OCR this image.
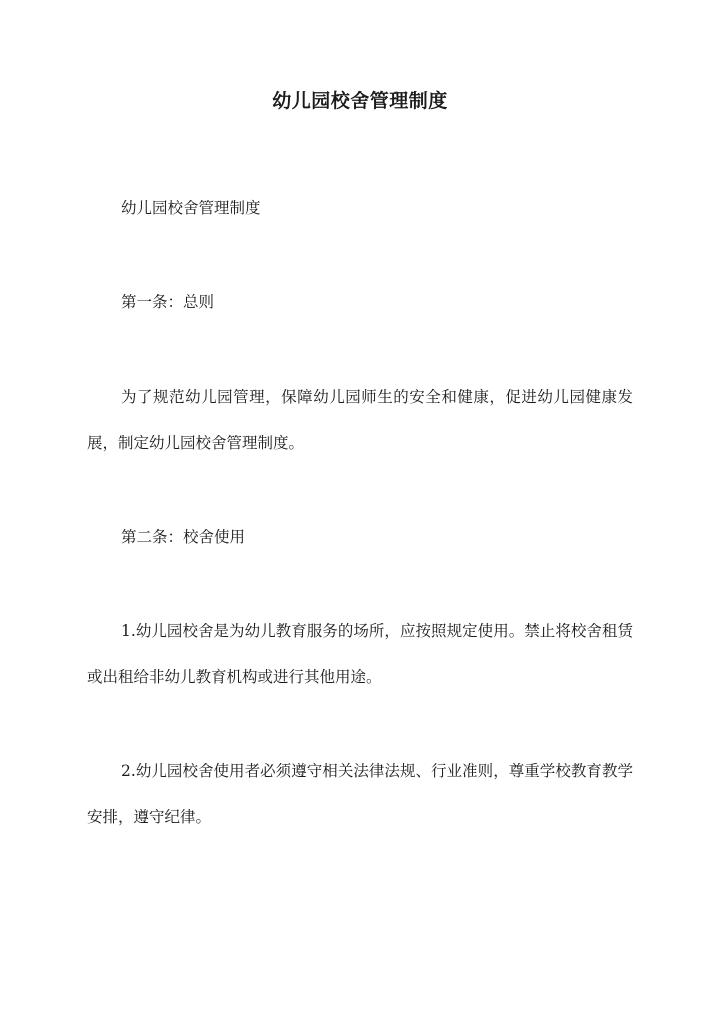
幼儿园校舍管理制度

幼儿园校舍管理制度

第一条：总则

为了规范幼儿园管理，保障幼儿园师生的安全和健康，促进幼儿园健康发展，制定幼儿园校舍管理制度。

第二条：校舍使用

1.幼儿园校舍是为幼儿教育服务的场所，应按照规定使用。禁止将校舍租赁或出租给非幼儿教育机构或进行其他用途。

2.幼儿园校舍使用者必须遵守相关法律法规、行业准则，尊重学校教育教学安排，遵守纪律。
